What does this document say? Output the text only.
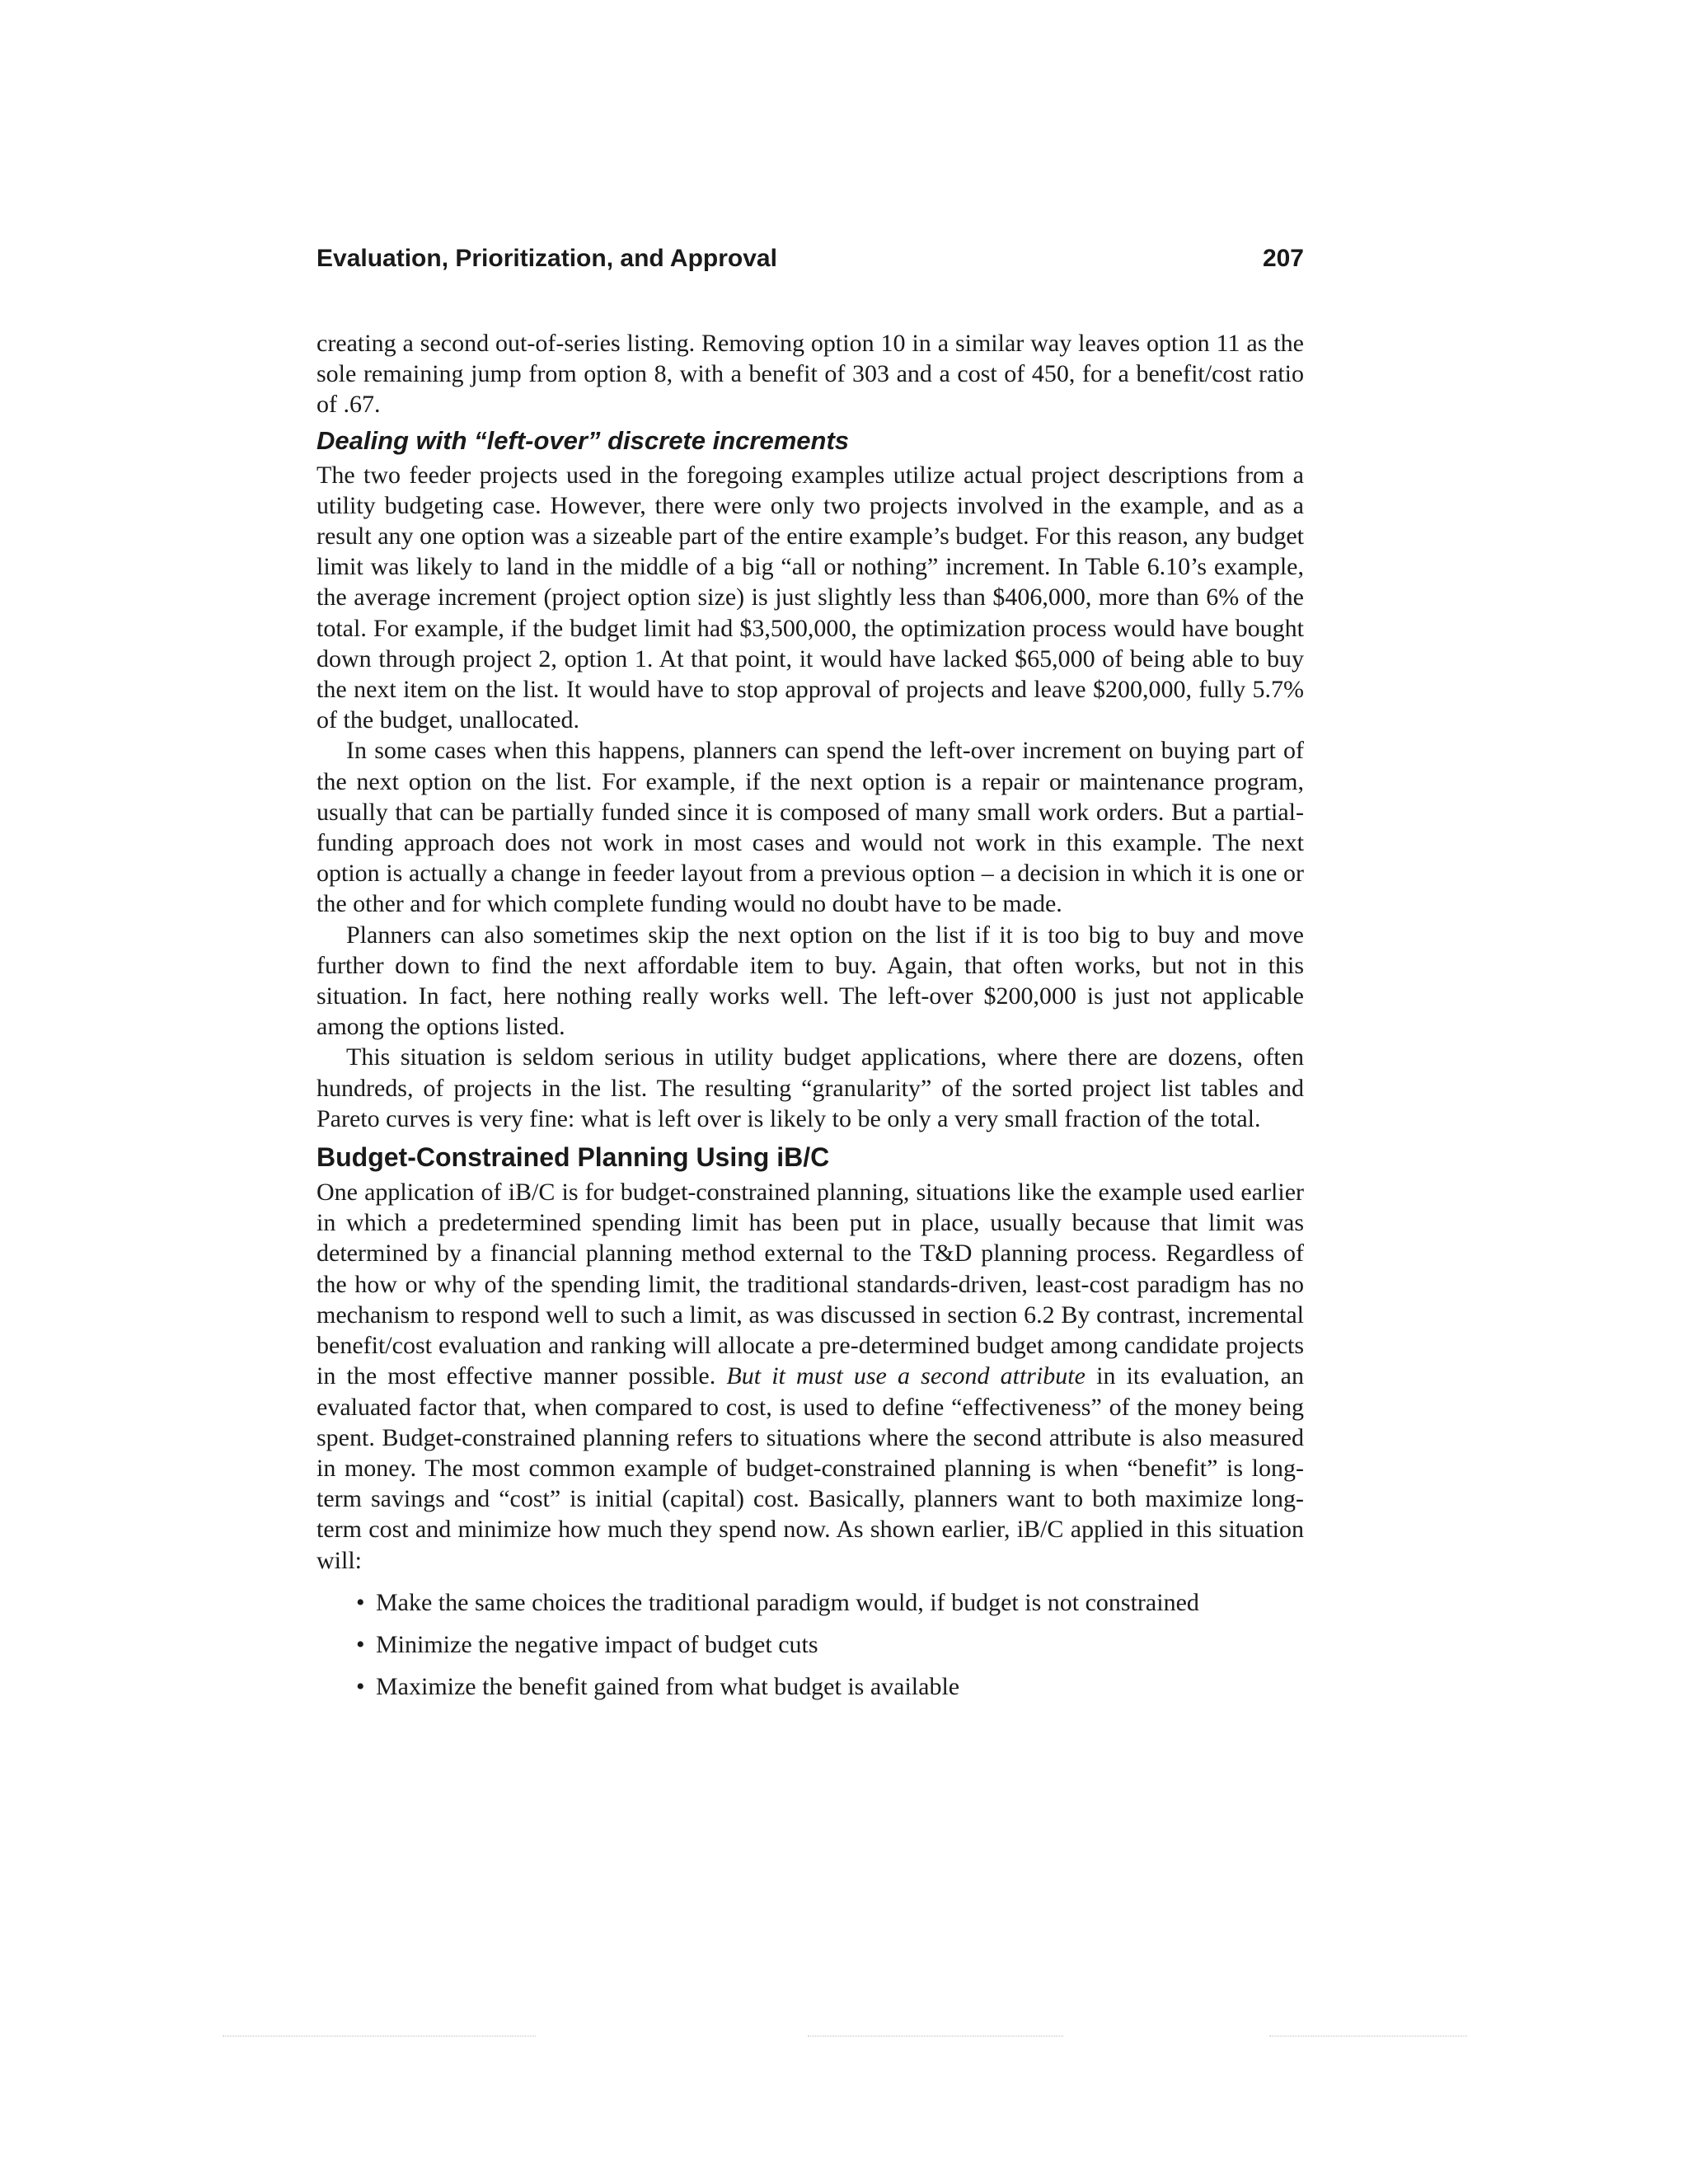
Evaluation, Prioritization, and Approval	207

creating a second out-of-series listing. Removing option 10 in a similar way leaves option 11 as the sole remaining jump from option 8, with a benefit of 303 and a cost of 450, for a benefit/cost ratio of .67.

Dealing with “left-over” discrete increments

The two feeder projects used in the foregoing examples utilize actual project descriptions from a utility budgeting case. However, there were only two projects involved in the example, and as a result any one option was a sizeable part of the entire example’s budget. For this reason, any budget limit was likely to land in the middle of a big “all or nothing” increment. In Table 6.10’s example, the average increment (project option size) is just slightly less than $406,000, more than 6% of the total. For example, if the budget limit had $3,500,000, the optimization process would have bought down through project 2, option 1. At that point, it would have lacked $65,000 of being able to buy the next item on the list. It would have to stop approval of projects and leave $200,000, fully 5.7% of the budget, unallocated.

In some cases when this happens, planners can spend the left-over increment on buying part of the next option on the list. For example, if the next option is a repair or maintenance program, usually that can be partially funded since it is composed of many small work orders. But a partial-funding approach does not work in most cases and would not work in this example. The next option is actually a change in feeder layout from a previous option – a decision in which it is one or the other and for which complete funding would no doubt have to be made.

Planners can also sometimes skip the next option on the list if it is too big to buy and move further down to find the next affordable item to buy. Again, that often works, but not in this situation. In fact, here nothing really works well. The left-over $200,000 is just not applicable among the options listed.

This situation is seldom serious in utility budget applications, where there are dozens, often hundreds, of projects in the list. The resulting “granularity” of the sorted project list tables and Pareto curves is very fine: what is left over is likely to be only a very small fraction of the total.

Budget-Constrained Planning Using iB/C

One application of iB/C is for budget-constrained planning, situations like the example used earlier in which a predetermined spending limit has been put in place, usually because that limit was determined by a financial planning method external to the T&D planning process. Regardless of the how or why of the spending limit, the traditional standards-driven, least-cost paradigm has no mechanism to respond well to such a limit, as was discussed in section 6.2 By contrast, incremental benefit/cost evaluation and ranking will allocate a pre-determined budget among candidate projects in the most effective manner possible. But it must use a second attribute in its evaluation, an evaluated factor that, when compared to cost, is used to define “effectiveness” of the money being spent. Budget-constrained planning refers to situations where the second attribute is also measured in money. The most common example of budget-constrained planning is when “benefit” is long-term savings and “cost” is initial (capital) cost. Basically, planners want to both maximize long-term cost and minimize how much they spend now. As shown earlier, iB/C applied in this situation will:

• Make the same choices the traditional paradigm would, if budget is not constrained
• Minimize the negative impact of budget cuts
• Maximize the benefit gained from what budget is available
